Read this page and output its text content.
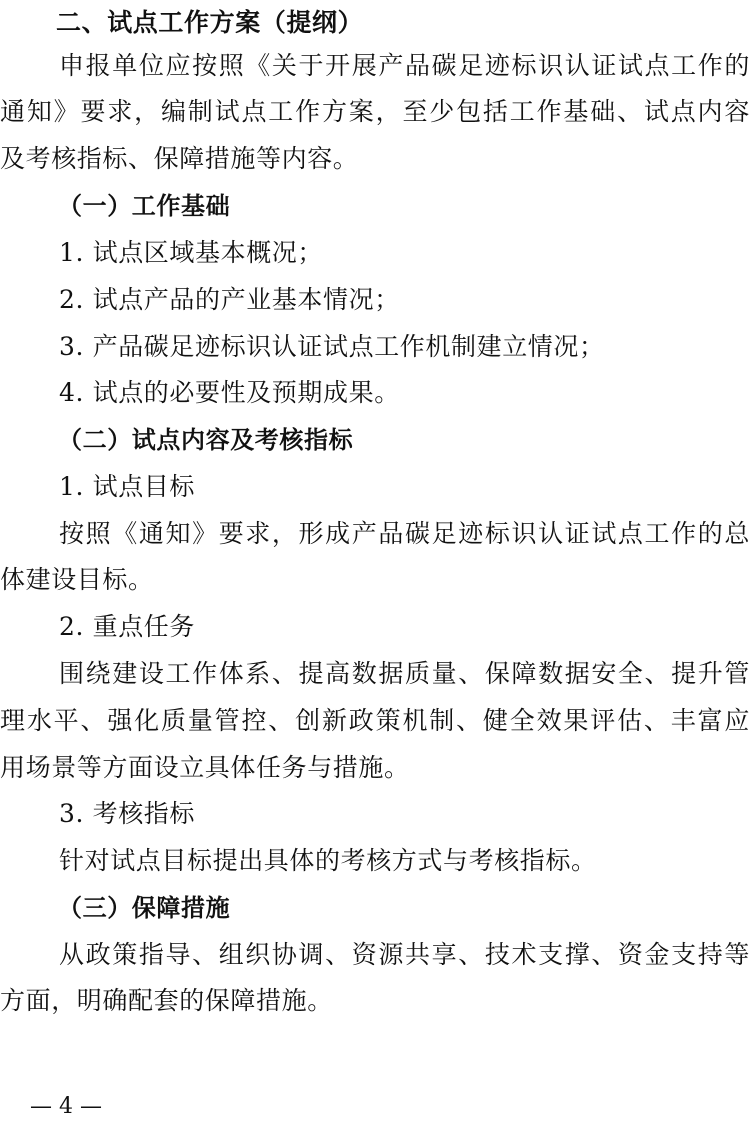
二、试点工作方案（提纲）
申报单位应按照《关于开展产品碳足迹标识认证试点工作的
通知》要求，编制试点工作方案，至少包括工作基础、试点内容
及考核指标、保障措施等内容。
（一）工作基础
1. 试点区域基本概况；
2. 试点产品的产业基本情况；
3. 产品碳足迹标识认证试点工作机制建立情况；
4. 试点的必要性及预期成果。
（二）试点内容及考核指标
1. 试点目标
按照《通知》要求，形成产品碳足迹标识认证试点工作的总
体建设目标。
2. 重点任务
围绕建设工作体系、提高数据质量、保障数据安全、提升管
理水平、强化质量管控、创新政策机制、健全效果评估、丰富应
用场景等方面设立具体任务与措施。
3. 考核指标
针对试点目标提出具体的考核方式与考核指标。
（三）保障措施
从政策指导、组织协调、资源共享、技术支撑、资金支持等
方面，明确配套的保障措施。
— 4 —
